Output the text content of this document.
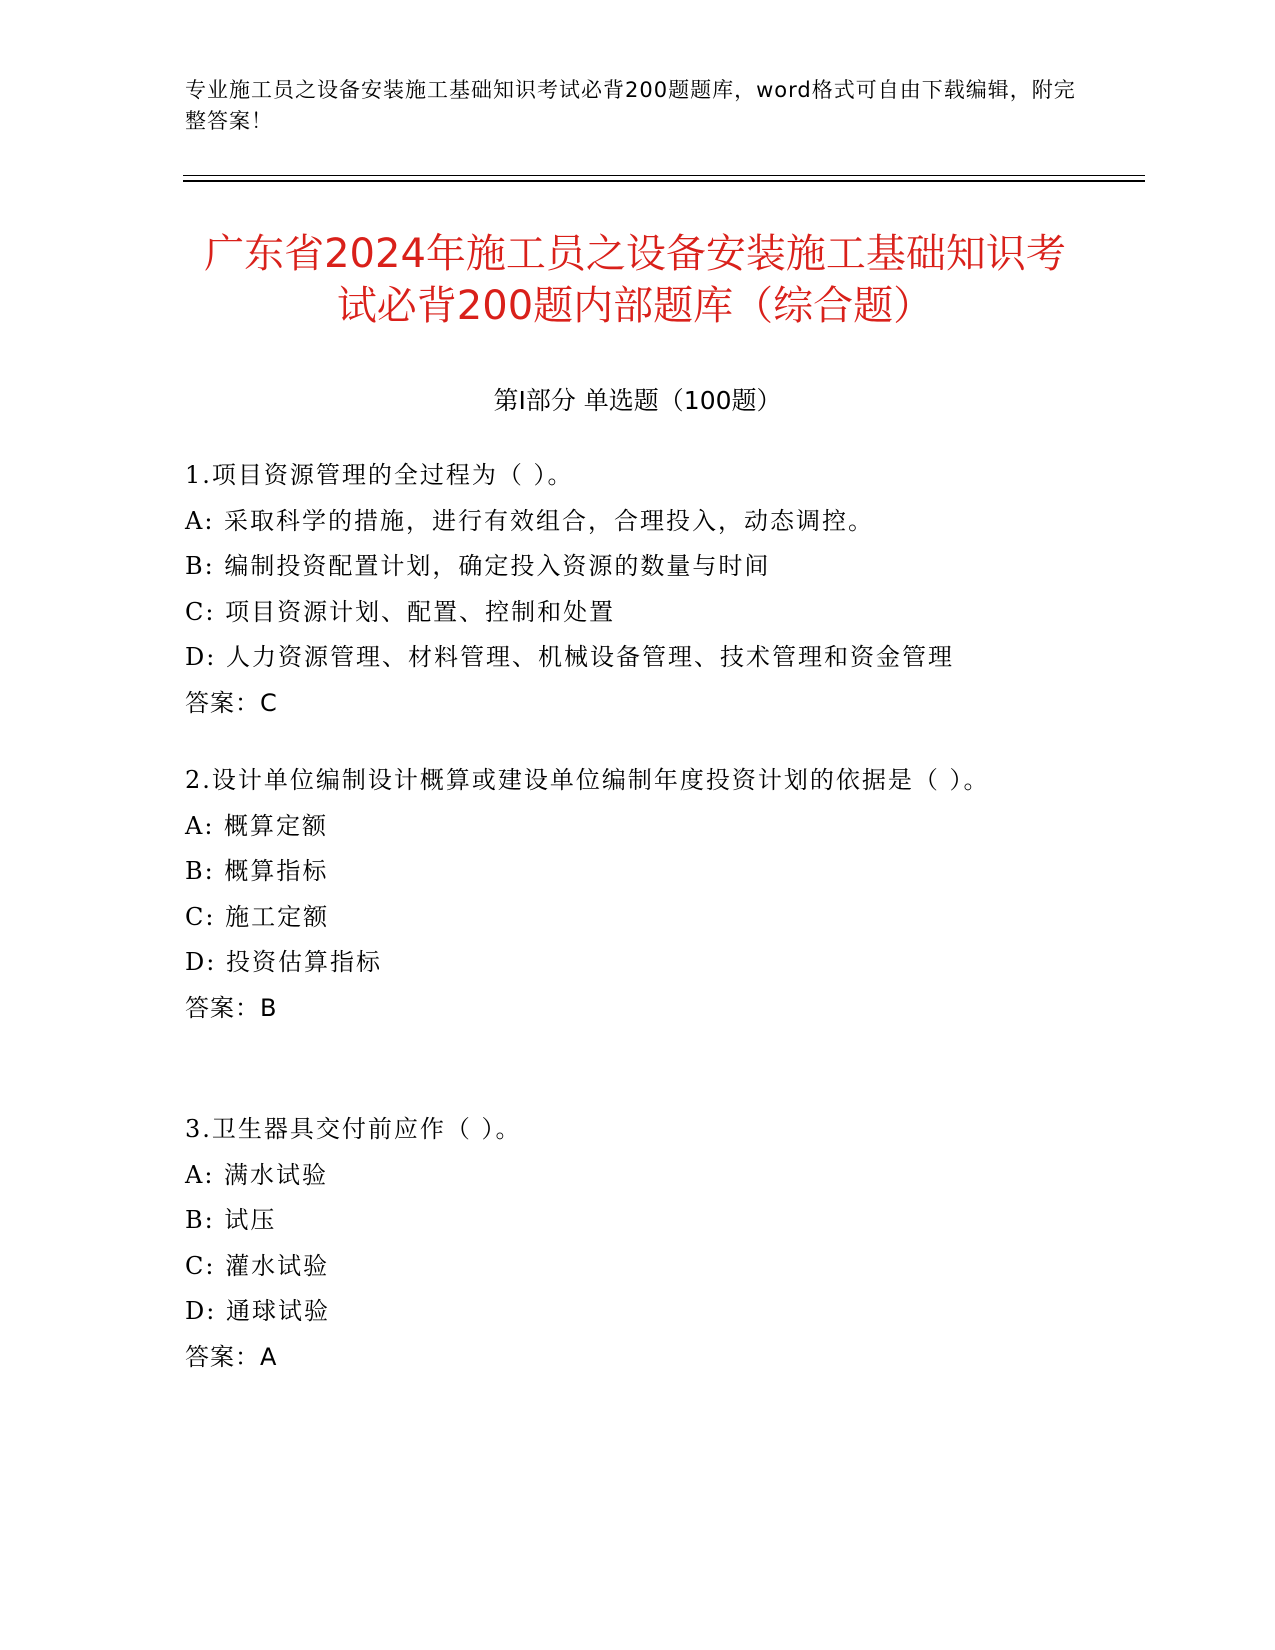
专业施工员之设备安装施工基础知识考试必背200题题库，word格式可自由下载编辑，附完整答案！
广东省2024年施工员之设备安装施工基础知识考试必背200题内部题库（综合题）
第Ⅰ部分 单选题（100题）
1.项目资源管理的全过程为（ ）。
A: 采取科学的措施，进行有效组合，合理投入，动态调控。
B: 编制投资配置计划，确定投入资源的数量与时间
C: 项目资源计划、配置、控制和处置
D: 人力资源管理、材料管理、机械设备管理、技术管理和资金管理
答案：C
2.设计单位编制设计概算或建设单位编制年度投资计划的依据是（ ）。
A: 概算定额
B: 概算指标
C: 施工定额
D: 投资估算指标
答案：B
3.卫生器具交付前应作（ ）。
A: 满水试验
B: 试压
C: 灌水试验
D: 通球试验
答案：A
